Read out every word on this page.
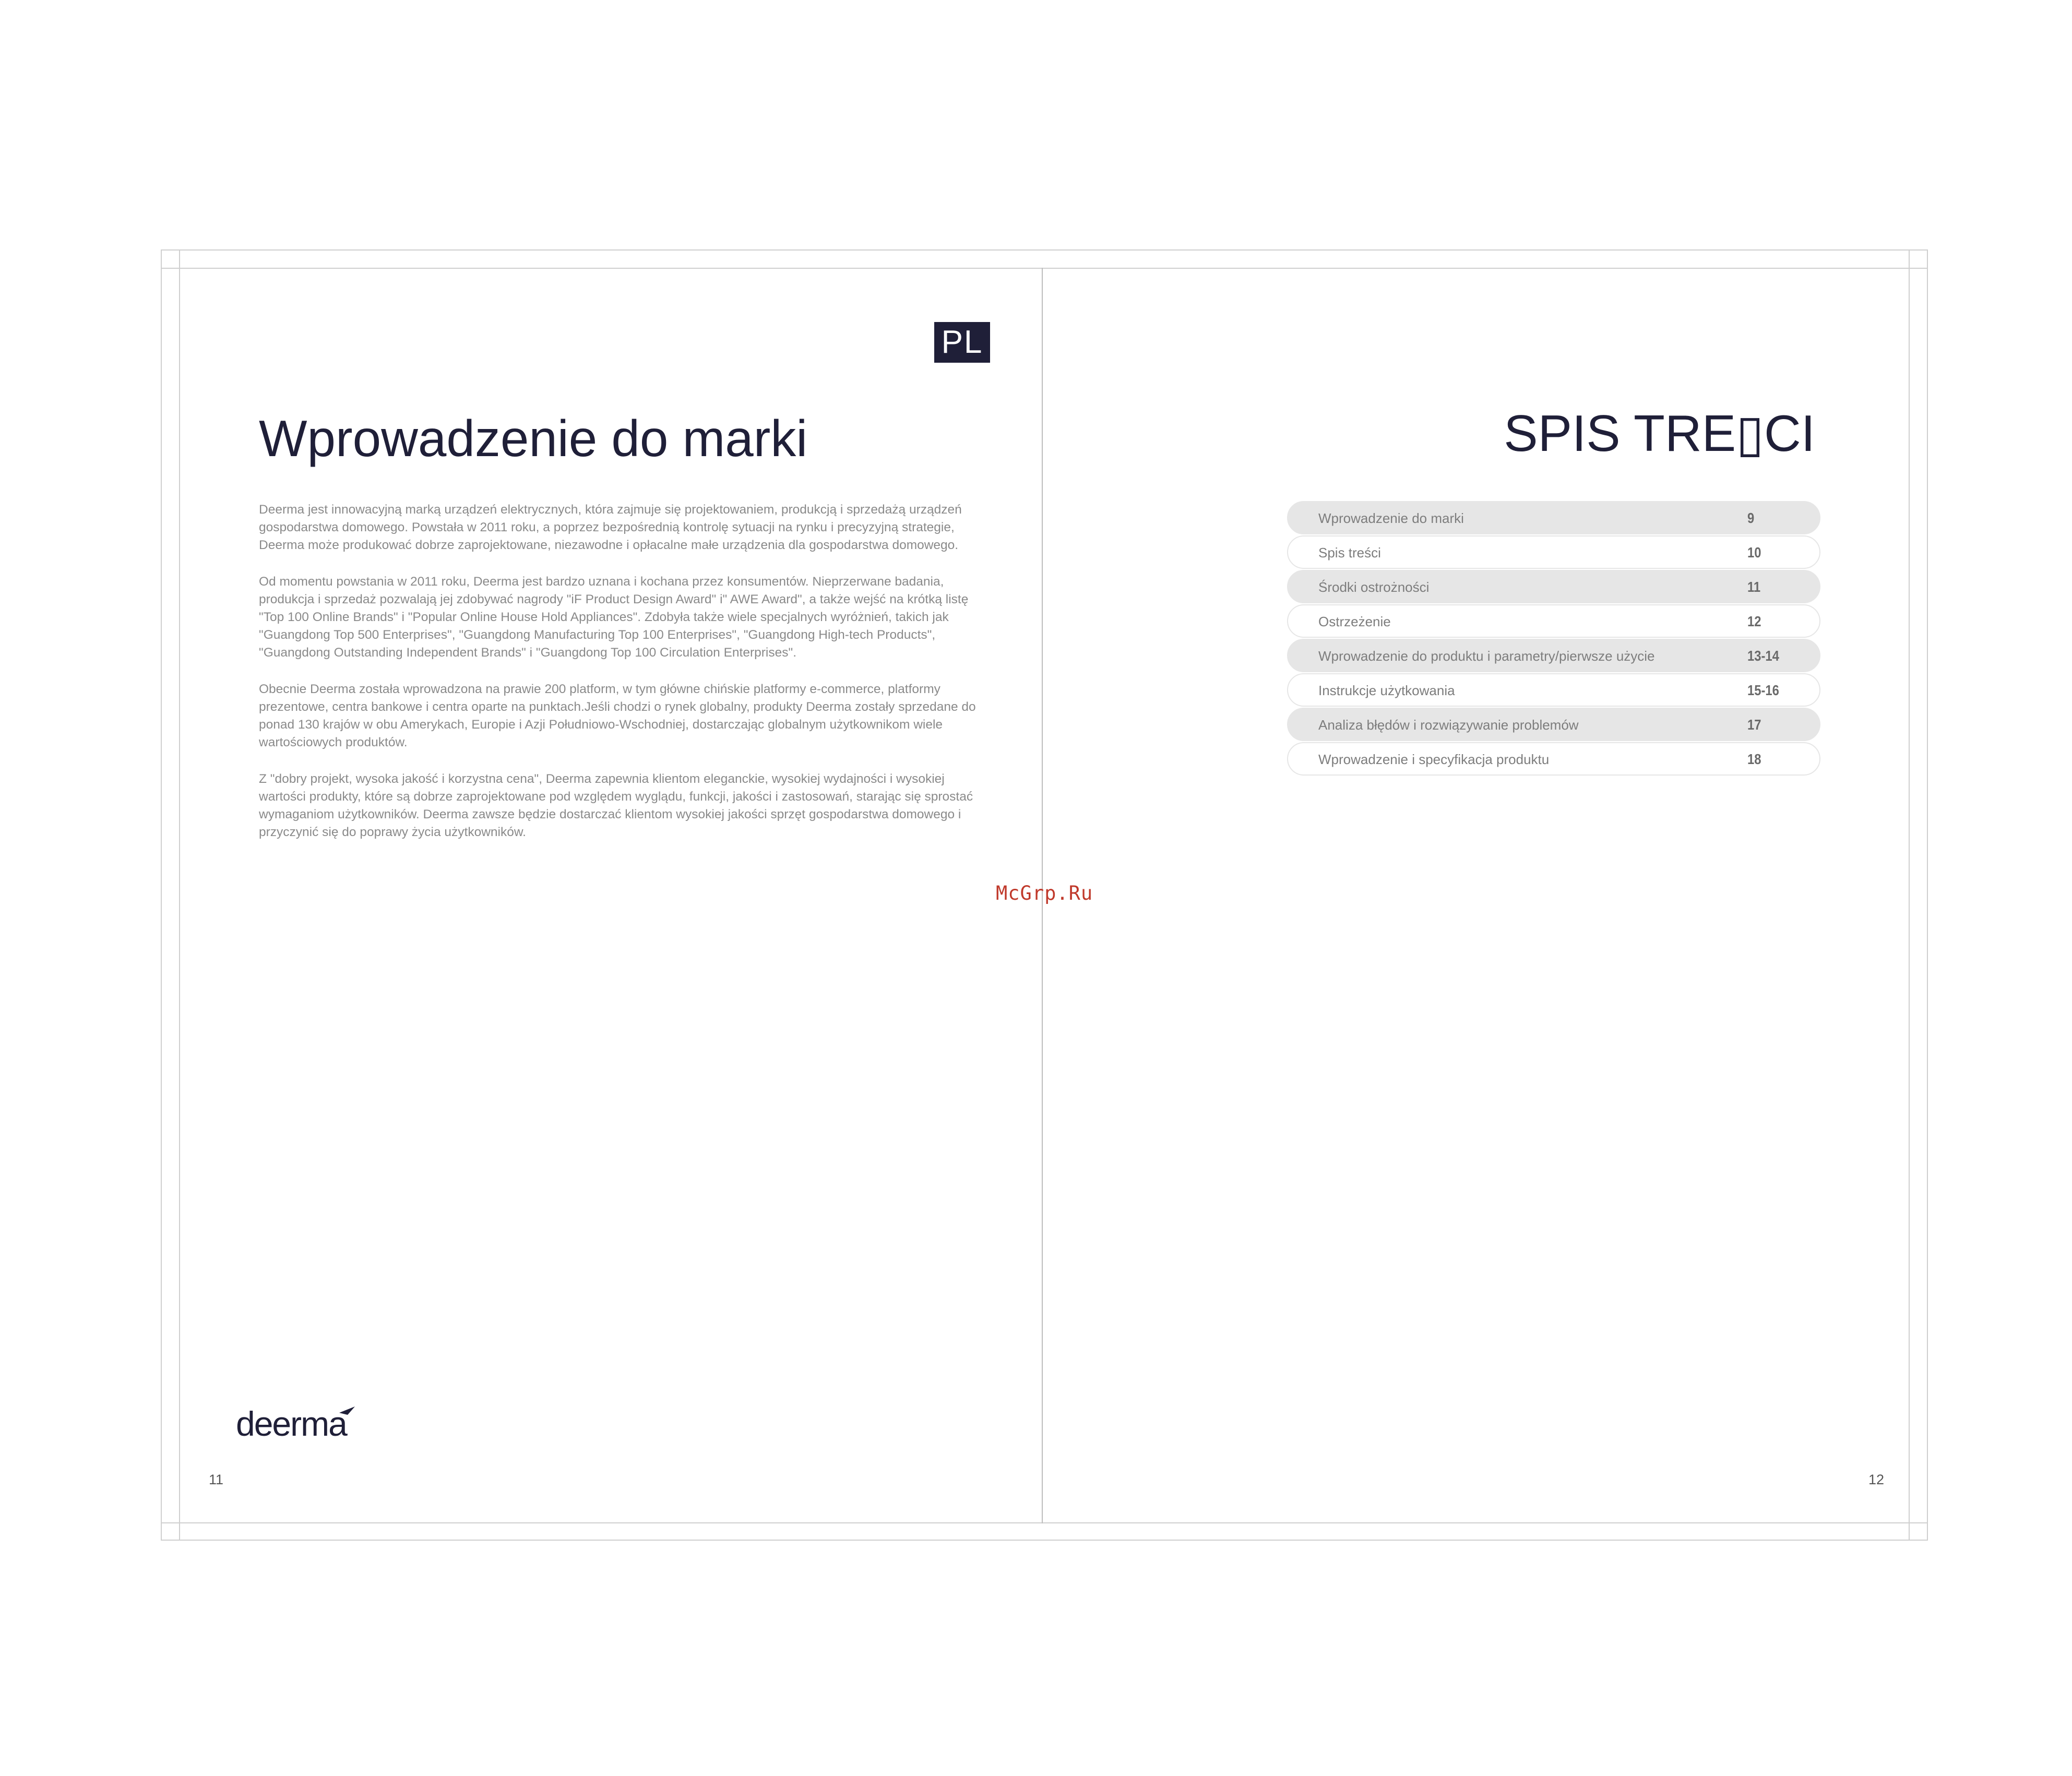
PL
Wprowadzenie do marki

Deerma jest innowacyjną marką urządzeń elektrycznych, która zajmuje się projektowaniem, produkcją i sprzedażą urządzeń gospodarstwa domowego. Powstała w 2011 roku, a poprzez bezpośrednią kontrolę sytuacji na rynku i precyzyjną strategie, Deerma może produkować dobrze zaprojektowane, niezawodne i opłacalne małe urządzenia dla gospodarstwa domowego.

Od momentu powstania w 2011 roku, Deerma jest bardzo uznana i kochana przez konsumentów. Nieprzerwane badania, produkcja i sprzedaż pozwalają jej zdobywać nagrody "iF Product Design Award" i" AWE Award", a także wejść na krótką listę "Top 100 Online Brands" i "Popular Online House Hold Appliances". Zdobyła także wiele specjalnych wyróżnień, takich jak "Guangdong Top 500 Enterprises", "Guangdong Manufacturing Top 100 Enterprises", "Guangdong High-tech Products", "Guangdong Outstanding Independent Brands" i "Guangdong Top 100 Circulation Enterprises".

Obecnie Deerma została wprowadzona na prawie 200 platform, w tym główne chińskie platformy e-commerce, platformy prezentowe, centra bankowe i centra oparte na punktach.Jeśli chodzi o rynek globalny, produkty Deerma zostały sprzedane do ponad 130 krajów w obu Amerykach, Europie i Azji Południowo-Wschodniej, dostarczając globalnym użytkownikom wiele wartościowych produktów.

Z "dobry projekt, wysoka jakość i korzystna cena", Deerma zapewnia klientom eleganckie, wysokiej wydajności i wysokiej wartości produkty, które są dobrze zaprojektowane pod względem wyglądu, funkcji, jakości i zastosowań, starając się sprostać wymaganiom użytkowników. Deerma zawsze będzie dostarczać klientom wysokiej jakości sprzęt gospodarstwa domowego i przyczynić się do poprawy życia użytkowników.

deerma
11
SPIS TRE▯CI
Wprowadzenie do marki	9
Spis treści	10
Środki ostrożności	11
Ostrzeżenie	12
Wprowadzenie do produktu i parametry/pierwsze użycie	13-14
Instrukcje użytkowania	15-16
Analiza błędów i rozwiązywanie problemów	17
Wprowadzenie i specyfikacja produktu	18
12
McGrp.Ru
